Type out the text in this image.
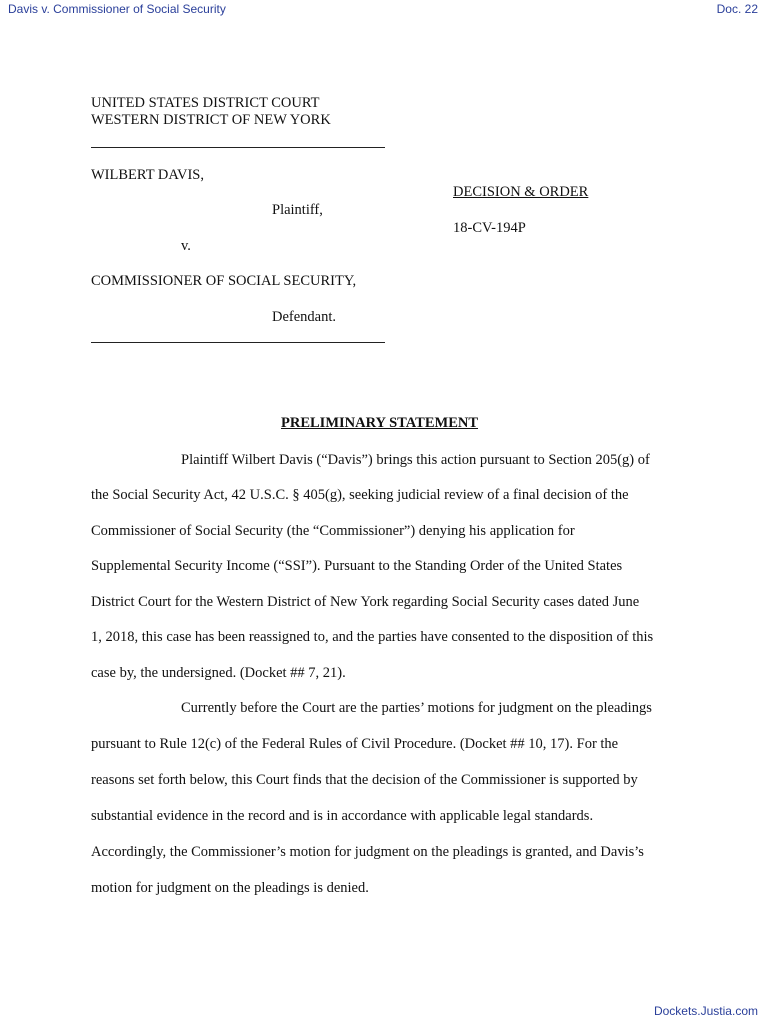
Davis v. Commissioner of Social Security	Doc. 22
UNITED STATES DISTRICT COURT
WESTERN DISTRICT OF NEW YORK
WILBERT DAVIS,
Plaintiff,
v.
COMMISSIONER OF SOCIAL SECURITY,
Defendant.
DECISION & ORDER
18-CV-194P
PRELIMINARY STATEMENT
Plaintiff Wilbert Davis (“Davis”) brings this action pursuant to Section 205(g) of
the Social Security Act, 42 U.S.C. § 405(g), seeking judicial review of a final decision of the
Commissioner of Social Security (the “Commissioner”) denying his application for
Supplemental Security Income (“SSI”). Pursuant to the Standing Order of the United States
District Court for the Western District of New York regarding Social Security cases dated June
1, 2018, this case has been reassigned to, and the parties have consented to the disposition of this
case by, the undersigned. (Docket ## 7, 21).
Currently before the Court are the parties’ motions for judgment on the pleadings
pursuant to Rule 12(c) of the Federal Rules of Civil Procedure. (Docket ## 10, 17). For the
reasons set forth below, this Court finds that the decision of the Commissioner is supported by
substantial evidence in the record and is in accordance with applicable legal standards.
Accordingly, the Commissioner’s motion for judgment on the pleadings is granted, and Davis’s
motion for judgment on the pleadings is denied.
Dockets.Justia.com
